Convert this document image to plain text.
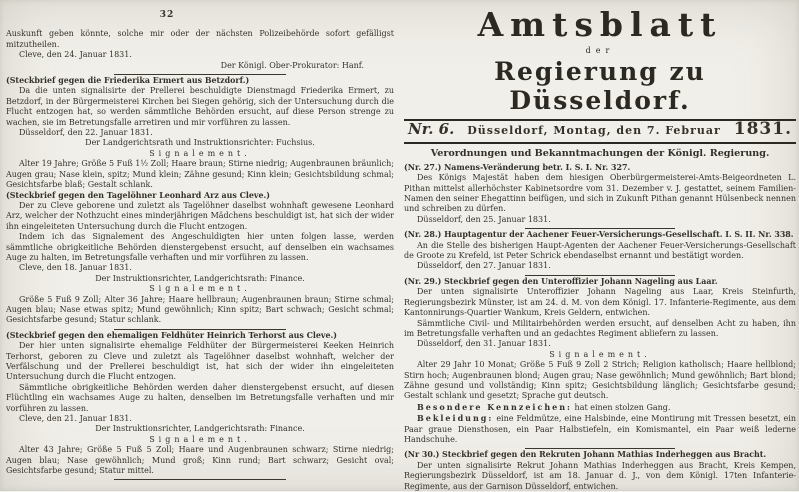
32

Auskunft geben könnte, solche mir oder der nächsten Polizeibehörde sofort gefälligst mitzutheilen.

Cleve, den 24. Januar 1831.

Der Königl. Ober-Prokurator: Hanf.

(Steckbrief gegen die Friederika Ermert aus Betzdorf.)

Da die unten signalisirte der Prellerei beschuldigte Dienstmagd Friederika Ermert, zu Betzdorf, in der Bürgermeisterei Kirchen bei Siegen gehörig, sich der Untersuchung durch die Flucht entzogen hat, so werden sämmtliche Behörden ersucht, auf diese Person strenge zu wachen, sie im Betretungsfalle arretiren und mir vorführen zu lassen.

Düsseldorf, den 22. Januar 1831.

Der Landgerichtsrath und Instruktionsrichter: Fuchsius.

Signalement.

Alter 19 Jahre; Größe 5 Fuß 1½ Zoll; Haare braun; Stirne niedrig; Augenbraunen bräunlich; Augen grau; Nase klein, spitz; Mund klein; Zähne gesund; Kinn klein; Gesichtsbildung schmal; Gesichtsfarbe blaß; Gestalt schlank.

(Steckbrief gegen den Tagelöhner Leonhard Arz aus Cleve.)

Der zu Cleve geborene und zuletzt als Tagelöhner daselbst wohnhaft gewesene Leonhard Arz, welcher der Nothzucht eines minderjährigen Mädchens beschuldigt ist, hat sich der wider ihn eingeleiteten Untersuchung durch die Flucht entzogen.

Indem ich das Signalement des Angeschuldigten hier unten folgen lasse, werden sämmtliche obrigkeitliche Behörden dienstergebenst ersucht, auf denselben ein wachsames Auge zu halten, im Betretungsfalle verhaften und mir vorführen zu lassen.

Cleve, den 18. Januar 1831.

Der Instruktionsrichter, Landgerichtsrath: Finance.

Signalement.

Größe 5 Fuß 9 Zoll; Alter 36 Jahre; Haare hellbraun; Augenbraunen braun; Stirne schmal; Augen blau; Nase etwas spitz; Mund gewöhnlich; Kinn spitz; Bart schwach; Gesicht schmal; Gesichtsfarbe gesund; Statur schlank.

(Steckbrief gegen den ehemaligen Feldhüter Heinrich Terhorst aus Cleve.)

Der hier unten signalisirte ehemalige Feldhüter der Bürgermeisterei Keeken Heinrich Terhorst, geboren zu Cleve und zuletzt als Tagelöhner daselbst wohnhaft, welcher der Verfälschung und der Prellerei beschuldigt ist, hat sich der wider ihn eingeleiteten Untersuchung durch die Flucht entzogen.

Sämmtliche obrigkeitliche Behörden werden daher dienstergebenst ersucht, auf diesen Flüchtling ein wachsames Auge zu halten, denselben im Betretungsfalle verhaften und mir vorführen zu lassen.

Cleve, den 21. Januar 1831.

Der Instruktionsrichter, Landgerichtsrath: Finance.

Signalement.

Alter 43 Jahre; Größe 5 Fuß 5 Zoll; Haare und Augenbraunen schwarz; Stirne niedrig; Augen blau; Nase gewöhnlich; Mund groß; Kinn rund; Bart schwarz; Gesicht oval; Gesichtsfarbe gesund; Statur mittel.

Amtsblatt
der
Regierung zu Düsseldorf.
Nr. 6. Düsseldorf, Montag, den 7. Februar 1831.
Verordnungen und Bekanntmachungen der Königl. Regierung.

(Nr. 27.) Namens-Veränderung betr. I. S. I. Nr. 327.

Des Königs Majestät haben dem hiesigen Oberbürgermeisterei-Amts-Beigeordneten L. Pithan mittelst allerhöchster Kabinetsordre vom 31. Dezember v. J. gestattet, seinem Familien-Namen den seiner Ehegattinn beifügen, und sich in Zukunft Pithan genannt Hülsenbeck nennen und schreiben zu dürfen.

Düsseldorf, den 25. Januar 1831.

(Nr. 28.) Hauptagentur der Aachener Feuer-Versicherungs-Gesellschaft. I. S. II. Nr. 338.

An die Stelle des bisherigen Haupt-Agenten der Aachener Feuer-Versicherungs-Gesellschaft de Groote zu Krefeld, ist Peter Schrick ebendaselbst ernannt und bestätigt worden.

Düsseldorf, den 27. Januar 1831.

(Nr. 29.) Steckbrief gegen den Unteroffizier Johann Nageling aus Laar.

Der unten signalisirte Unteroffizier Johann Nageling aus Laar, Kreis Steinfurth, Regierungsbezirk Münster, ist am 24. d. M. von dem Königl. 17. Infanterie-Regimente, aus dem Kantonnirungs-Quartier Wankum, Kreis Geldern, entwichen.

Sämmtliche Civil- und Militairbehörden werden ersucht, auf denselben Acht zu haben, ihn im Betretungsfalle verhaften und an gedachtes Regiment abliefern zu lassen.

Düsseldorf, den 31. Januar 1831.

Signalement.

Alter 29 Jahr 10 Monat; Größe 5 Fuß 9 Zoll 2 Strich; Religion katholisch; Haare hellblond; Stirn hoch; Augenbraunen blond; Augen grau; Nase gewöhnlich; Mund gewöhnlich; Bart blond; Zähne gesund und vollständig; Kinn spitz; Gesichtsbildung länglich; Gesichtsfarbe gesund; Gestalt schlank und gesetzt; Sprache gut deutsch.

Besondere Kennzeichen: hat einen stolzen Gang.

Bekleidung: eine Feldmütze, eine Halsbinde, eine Montirung mit Tressen besetzt, ein Paar graue Diensthosen, ein Paar Halbstiefeln, ein Komismantel, ein Paar weiß lederne Handschuhe.

(Nr 30.) Steckbrief gegen den Rekruten Johann Mathias Inderheggen aus Bracht.

Der unten signalisirte Rekrut Johann Mathias Inderheggen aus Bracht, Kreis Kempen, Regierungsbezirk Düsseldorf, ist am 18. Januar d. J., von dem Königl. 17ten Infanterie-Regimente, aus der Garnison Düsseldorf, entwichen.
